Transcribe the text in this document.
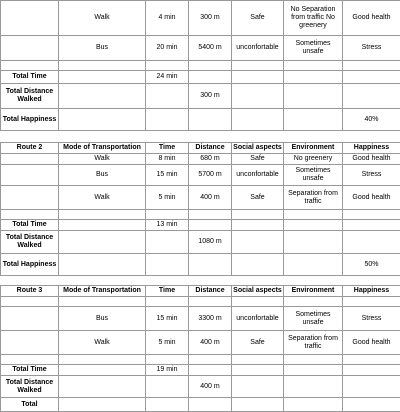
	Walk	4 min	300 m	Safe	No Separation from traffic No greenery	Good health
	Bus	20 min	5400 m	unconfortable	Sometimes unsafe	Stress

Total Time		24 min				
Total Distance Walked			300 m			
Total Happiness						40%
Route 2	Mode of Transportation	Time	Distance	Social aspects	Environment	Happiness
	Walk	8 min	680 m	Safe	No greenery	Good health
	Bus	15 min	5700 m	unconfortable	Sometimes unsafe	Stress
	Walk	5 min	400 m	Safe	Separation from traffic	Good health

Total Time		13 min				
Total Distance Walked			1080 m			
Total Happiness						50%
Route 3	Mode of Transportation	Time	Distance	Social aspects	Environment	Happiness

	Bus	15 min	3300 m	unconfortable	Sometimes unsafe	Stress
	Walk	5 min	400 m	Safe	Separation from traffic	Good health

Total Time		19 min				
Total Distance Walked			400 m			
Total						
